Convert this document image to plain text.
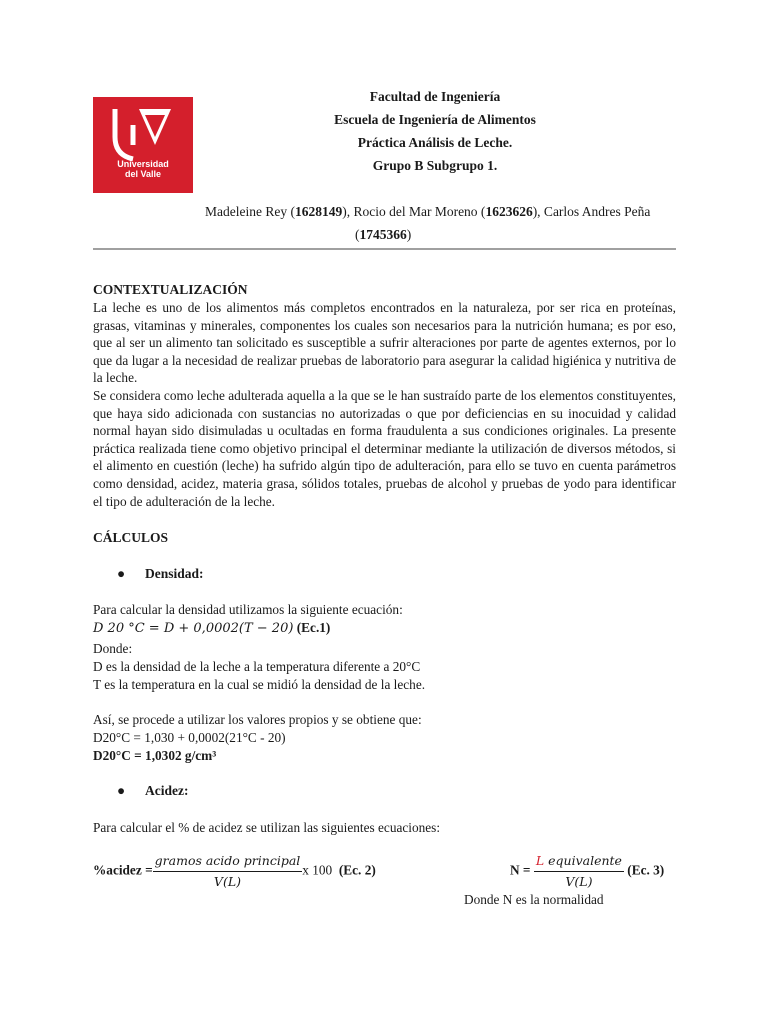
Universidad
del Valle
Facultad de Ingeniería
Escuela de Ingeniería de Alimentos
Práctica Análisis de Leche.
Grupo B Subgrupo 1.
Madeleine Rey (1628149), Rocio del Mar Moreno (1623626), Carlos Andres Peña
(1745366)
CONTEXTUALIZACIÓN

La leche es uno de los alimentos más completos encontrados en la naturaleza, por ser rica en proteínas, grasas, vitaminas y minerales, componentes los cuales son necesarios para la nutrición humana; es por eso, que al ser un alimento tan solicitado es susceptible a sufrir alteraciones por parte de agentes externos, por lo que da lugar a la necesidad de realizar pruebas de laboratorio para asegurar la calidad higiénica y nutritiva de la leche.

Se considera como leche adulterada aquella a la que se le han sustraído parte de los elementos constituyentes, que haya sido adicionada con sustancias no autorizadas o que por deficiencias en su inocuidad y calidad normal hayan sido disimuladas u ocultadas en forma fraudulenta a sus condiciones originales. La presente práctica realizada tiene como objetivo principal el determinar mediante la utilización de diversos métodos, si el alimento en cuestión (leche) ha sufrido algún tipo de adulteración, para ello se tuvo en cuenta parámetros como densidad, acidez, materia grasa, sólidos totales, pruebas de alcohol y pruebas de yodo para identificar el tipo de adulteración de la leche.

CÁLCULOS
● Densidad:
Para calcular la densidad utilizamos la siguiente ecuación:
D 20 °C = D + 0,0002(T − 20) (Ec.1)
Donde:
D es la densidad de la leche a la temperatura diferente a 20°C
T es la temperatura en la cual se midió la densidad de la leche.
Así, se procede a utilizar los valores propios y se obtiene que:
D20°C = 1,030 + 0,0002(21°C - 20)
D20°C = 1,0302 g/cm³
● Acidez:
Para calcular el % de acidez se utilizan las siguientes ecuaciones:
%acidez = $\frac{\text{gramos acido principal}}{V(L)}$ x 100 (Ec. 2)	$N = \frac{\text{L equivalente}}{V(L)} (Ec$. 3)
Donde N es la normalidad
